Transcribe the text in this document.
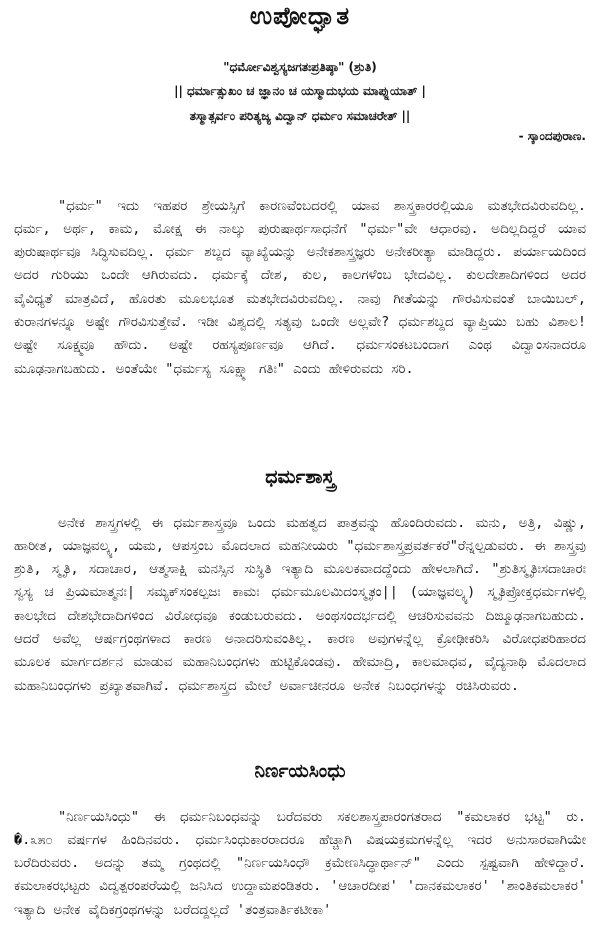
ಉಪೋದ್ಘಾತ
"ಧರ್ಮೋವಿಶ್ವಸ್ಯಜಗತಃಪ್ರತಿಷ್ಠಾ" (ಶ್ರುತಿ)
|| ಧರ್ಮಾತ್ಸುಖಂ ಚ ಜ್ಞಾನಂ ಚ ಯಸ್ಮಾದುಭಯ ಮಾಪ್ನುಯಾತ್ |
ತಸ್ಮಾತ್ಸರ್ವಂ ಪರಿತ್ಯಜ್ಯ ವಿದ್ವಾನ್ ಧರ್ಮಂ ಸಮಾಚರೇತ್ ||
- ಸ್ಕಾಂದಪುರಾಣ.

"ಧರ್ಮ" ಇದು ಇಹಪರ ಶ್ರೇಯಸ್ಸಿಗೆ ಕಾರಣವೆಂಬದರಲ್ಲಿ ಯಾವ ಶಾಸ್ತ್ರಕಾರರಲ್ಲಿಯೂ ಮತಭೇದವಿರುವದಿಲ್ಲ. ಧರ್ಮ, ಅರ್ಥ, ಕಾಮ, ಮೋಕ್ಷ ಈ ನಾಲ್ಕು ಪುರುಷಾರ್ಥಸಾಧನೆಗೆ "ಧರ್ಮ"ವೇ ಆಧಾರವು. ಅದಿಲ್ಲದಿದ್ದರೆ ಯಾವ ಪುರುಷಾರ್ಥವೂ ಸಿದ್ಧಿಸುವದಿಲ್ಲ. ಧರ್ಮ ಶಬ್ದದ ವ್ಯಾಖ್ಯೆಯನ್ನು ಅನೇಕಶಾಸ್ತ್ರಜ್ಞರು ಅನೇಕರೀತ್ಯಾ ಮಾಡಿದ್ದರು. ಪರ್ಯಾಯದಿಂದ ಅದರ ಗುರಿಯು ಒಂದೇ ಆಗಿರುವದು. ಧರ್ಮಕ್ಕೆ ದೇಶ, ಕುಲ, ಕಾಲಗಳೆಂಬ ಭೇದವಿಲ್ಲ. ಕುಲದೇಶಾದಿಗಳಿಂದ ಅದರ ವೈವಿಧ್ಯತೆ ಮಾತ್ರವಿದೆ, ಹೊರತು ಮೂಲಭೂತ ಮತಭೇದವಿರುವದಿಲ್ಲ. ನಾವು ಗೀತೆಯನ್ನು ಗೌರವಿಸುವಂತೆ ಬಾಯಿಬಲ್, ಕುರಾನಗಳನ್ನೂ ಅಷ್ಟೇ ಗೌರವಿಸುತ್ತೇವೆ. ಇಡೀ ವಿಶ್ವದಲ್ಲಿ ಸತ್ಯವು ಒಂದೇ ಅಲ್ಲವೇ? ಧರ್ಮಶಬ್ದದ ವ್ಯಾಪ್ತಿಯು ಬಹು ವಿಶಾಲ! ಅಷ್ಟೇ ಸೂಕ್ಷ್ಮವೂ ಹೌದು. ಅಷ್ಟೇ ರಹಸ್ಯಪೂರ್ಣವೂ ಆಗಿದೆ. ಧರ್ಮಸಂಕಟಬಂದಾಗ ಎಂಥ ವಿದ್ವಾಂಸನಾದರೂ ಮೂಢನಾಗಬಹುದು. ಅಂತೆಯೇ "ಧರ್ಮಸ್ಯ ಸೂಕ್ಷ್ಮಾ ಗತಿಃ" ಎಂದು ಹೇಳಿರುವದು ಸರಿ.

ಧರ್ಮಶಾಸ್ತ್ರ

ಅನೇಕ ಶಾಸ್ತ್ರಗಳಲ್ಲಿ ಈ ಧರ್ಮಶಾಸ್ತ್ರವೂ ಒಂದು ಮಹತ್ವದ ಪಾತ್ರವನ್ನು ಹೊಂದಿರುವದು. ಮನು, ಅತ್ರಿ, ವಿಷ್ಣು, ಹಾರೀತ, ಯಾಜ್ಞವಲ್ಕ್ಯ, ಯಮ, ಆಪಸ್ತಂಬ ಮೊದಲಾದ ಮಹನೀಯರು "ಧರ್ಮಶಾಸ್ತ್ರಪ್ರವರ್ತಕರೆ"ರೆನ್ನಲ್ಪಡುವರು. ಈ ಶಾಸ್ತ್ರವು ಶ್ರುತಿ, ಸ್ಮೃತಿ, ಸದಾಚಾರ, ಆತ್ಮಸಾಕ್ಷಿ ಮನಸ್ಸಿನ ಸುಸ್ಥಿತಿ ಇತ್ಯಾದಿ ಮೂಲಕವಾದದ್ದೆಂದು ಹೇಳಲಾಗಿದೆ. "ಶ್ರುತಿಸ್ಮೃತಿಃಸದಾಚಾರಃ ಸ್ವಸ್ಯ ಚ ಪ್ರಿಯಮಾತ್ಮನಃ| ಸಮ್ಯಕ್‌ಸಂಕಲ್ಪಜಃ ಕಾಮಃ ಧರ್ಮಮೂಲಮಿದಂಸ್ಮೃತಂ|| (ಯಾಜ್ಞವಲ್ಕ್ಯ) ಸ್ಮೃತಿಪ್ರೋಕ್ತಧರ್ಮಗಳಲ್ಲಿ ಕಾಲಭೇದ ದೇಶಭೇದಾದಿಗಳಿಂದ ವಿರೋಧವೂ ಕಂಡುಬರುವದು. ಅಂಥಸಂದರ್ಭದಲ್ಲಿ ಆಚರಿಸುವವನು ದಿಙ್ಮೂಢನಾಗಬಹುದು. ಆದರೆ ಅವೆಲ್ಲ ಆರ್ಷಗ್ರಂಥಗಳಾದ ಕಾರಣ ಅನಾದರಿಸುವಂತಿಲ್ಲ. ಕಾರಣ ಅವುಗಳನ್ನೆಲ್ಲ ಕ್ರೋಢೀಕರಿಸಿ ವಿರೋಧಪರಿಹಾರದ ಮೂಲಕ ಮಾರ್ಗದರ್ಶನ ಮಾಡುವ ಮಹಾನಿಬಂಧಗಳು ಹುಟ್ಟಿಕೊಂಡವು. ಹೇಮಾದ್ರಿ, ಕಾಲಮಾಧವ, ವೈದ್ಯನಾಥಿ ಮೊದಲಾದ ಮಹಾನಿಬಂಧಗಳು ಪ್ರಖ್ಯಾತವಾಗಿವೆ. ಧರ್ಮಶಾಸ್ತ್ರದ ಮೇಲೆ ಅರ್ವಾಚೀನರೂ ಅನೇಕ ನಿಬಂಧಗಳನ್ನು ರಚಿಸಿರುವರು.

ನಿರ್ಣಯಸಿಂಧು

"ನಿರ್ಣಯಸಿಂಧು" ಈ ಧರ್ಮನಿಬಂಧವನ್ನು ಬರೆದವರು ಸಕಲಶಾಸ್ತ್ರಪಾರಂಗತರಾದ "ಕಮಲಾಕರ ಭಟ್ಟ" ರು. �.೩೫೦ ವರ್ಷಗಳ ಹಿಂದಿನವರು. ಧರ್ಮಸಿಂಧುಕಾರರಾದರೂ ಹೆಚ್ಚಾಗಿ ವಿಷಯಕ್ರಮಗಳನ್ನೆಲ್ಲ ಇದರ ಅನುಸಾರವಾಗಿಯೇ ಬರೆದಿರುವರು. ಅದನ್ನು ತಮ್ಮ ಗ್ರಂಥದಲ್ಲಿ "ನಿರ್ಣಯಸಿಂಧೌ ಕ್ರಮೇಣಸಿದ್ಧಾರ್ಥಾನ್" ಎಂದು ಸ್ಪಷ್ಟವಾಗಿ ಹೇಳಿದ್ದಾರೆ. ಕಮಲಾಕರಭಟ್ಟರು ವಿದ್ವತ್ಪರಂಪರೆಯಲ್ಲಿ ಜನಿಸಿದ ಉದ್ದಾಮಪಂಡಿತರು. 'ಆಚಾರದೀಪ' 'ದಾನಕಮಲಾಕರ' 'ಶಾಂತಿಕಮಲಾಕರ' ಇತ್ಯಾದಿ ಅನೇಕ ವೈದಿಕಗ್ರಂಥಗಳನ್ನು ಬರೆದದ್ದಲ್ಲದೆ 'ತಂತ್ರವಾರ್ತಿಕಟೀಕಾ'
